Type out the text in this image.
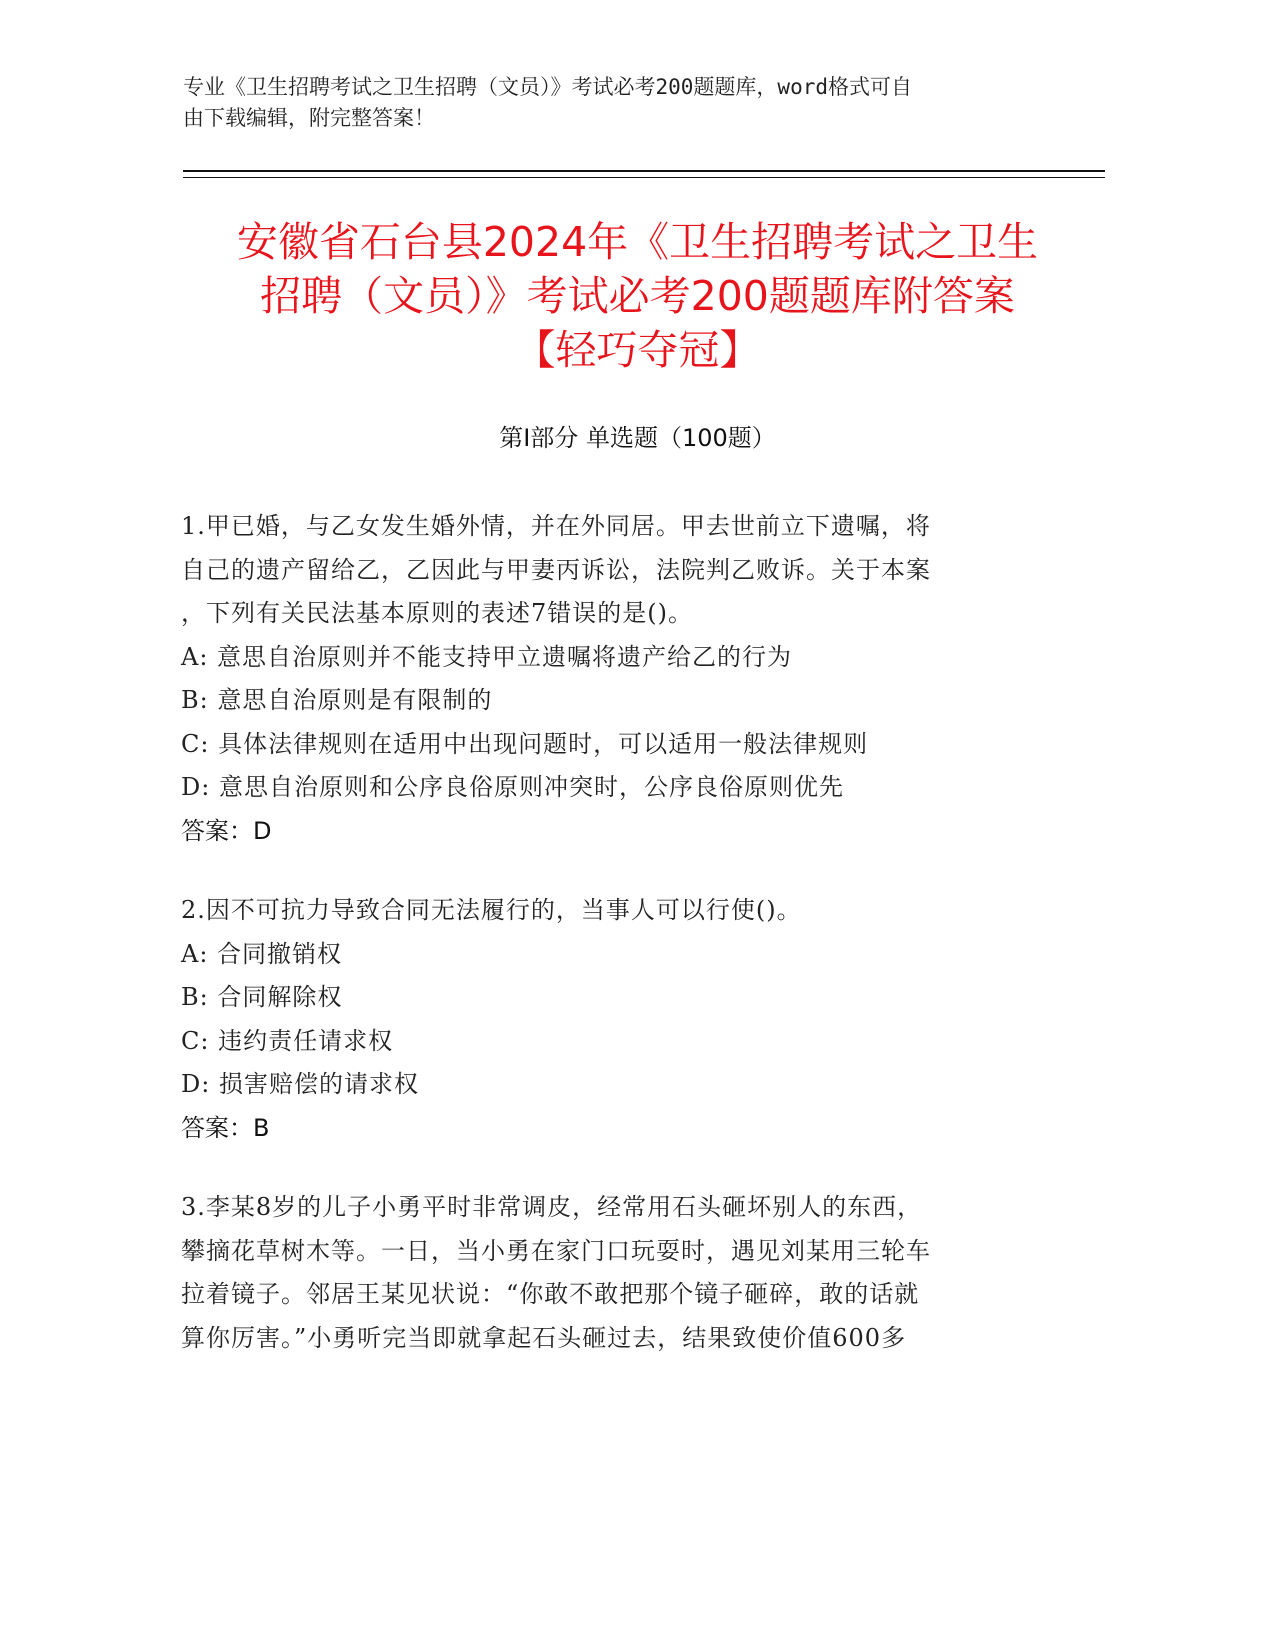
专业《卫生招聘考试之卫生招聘（文员）》考试必考200题题库，word格式可自
由下载编辑，附完整答案！
安徽省石台县2024年《卫生招聘考试之卫生
招聘（文员）》考试必考200题题库附答案
【轻巧夺冠】
第Ⅰ部分 单选题（100题）
1.甲已婚，与乙女发生婚外情，并在外同居。甲去世前立下遗嘱，将
自己的遗产留给乙，乙因此与甲妻丙诉讼，法院判乙败诉。关于本案
，下列有关民法基本原则的表述7错误的是()。
A: 意思自治原则并不能支持甲立遗嘱将遗产给乙的行为
B: 意思自治原则是有限制的
C: 具体法律规则在适用中出现问题时，可以适用一般法律规则
D: 意思自治原则和公序良俗原则冲突时，公序良俗原则优先
答案：D
2.因不可抗力导致合同无法履行的，当事人可以行使()。
A: 合同撤销权
B: 合同解除权
C: 违约责任请求权
D: 损害赔偿的请求权
答案：B
3.李某8岁的儿子小勇平时非常调皮，经常用石头砸坏别人的东西，
攀摘花草树木等。一日，当小勇在家门口玩耍时，遇见刘某用三轮车
拉着镜子。邻居王某见状说：“你敢不敢把那个镜子砸碎，敢的话就
算你厉害。”小勇听完当即就拿起石头砸过去，结果致使价值600多
